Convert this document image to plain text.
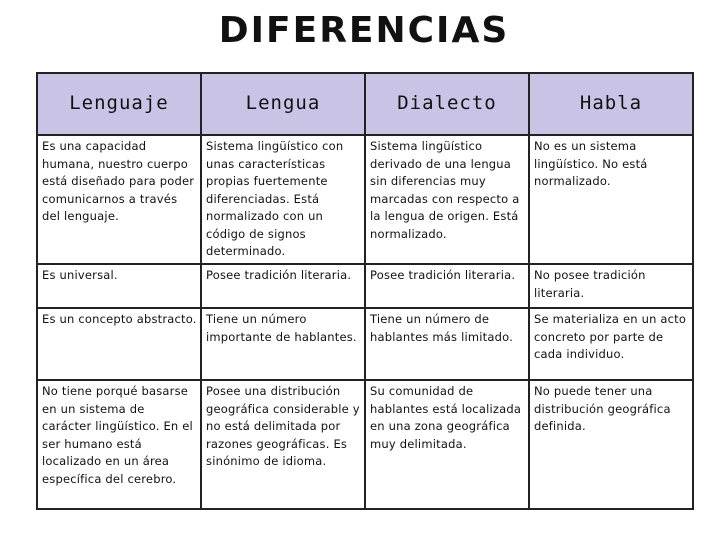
DIFERENCIAS
Lenguaje	Lengua	Dialecto	Habla
Es una capacidad humana, nuestro cuerpo está diseñado para poder comunicarnos a través del lenguaje.	Sistema lingüístico con unas características propias fuertemente diferenciadas. Está normalizado con un código de signos determinado.	Sistema lingüístico derivado de una lengua sin diferencias muy marcadas con respecto a la lengua de origen. Está normalizado.	No es un sistema lingüístico. No está normalizado.
Es universal.	Posee tradición literaria.	Posee tradición literaria.	No posee tradición literaria.
Es un concepto abstracto.	Tiene un número importante de hablantes.	Tiene un número de hablantes más limitado.	Se materializa en un acto concreto por parte de cada individuo.
No tiene porqué basarse en un sistema de carácter lingüístico. En el ser humano está localizado en un área específica del cerebro.	Posee una distribución geográfica considerable y no está delimitada por razones geográficas. Es sinónimo de idioma.	Su comunidad de hablantes está localizada en una zona geográfica muy delimitada.	No puede tener una distribución geográfica definida.
